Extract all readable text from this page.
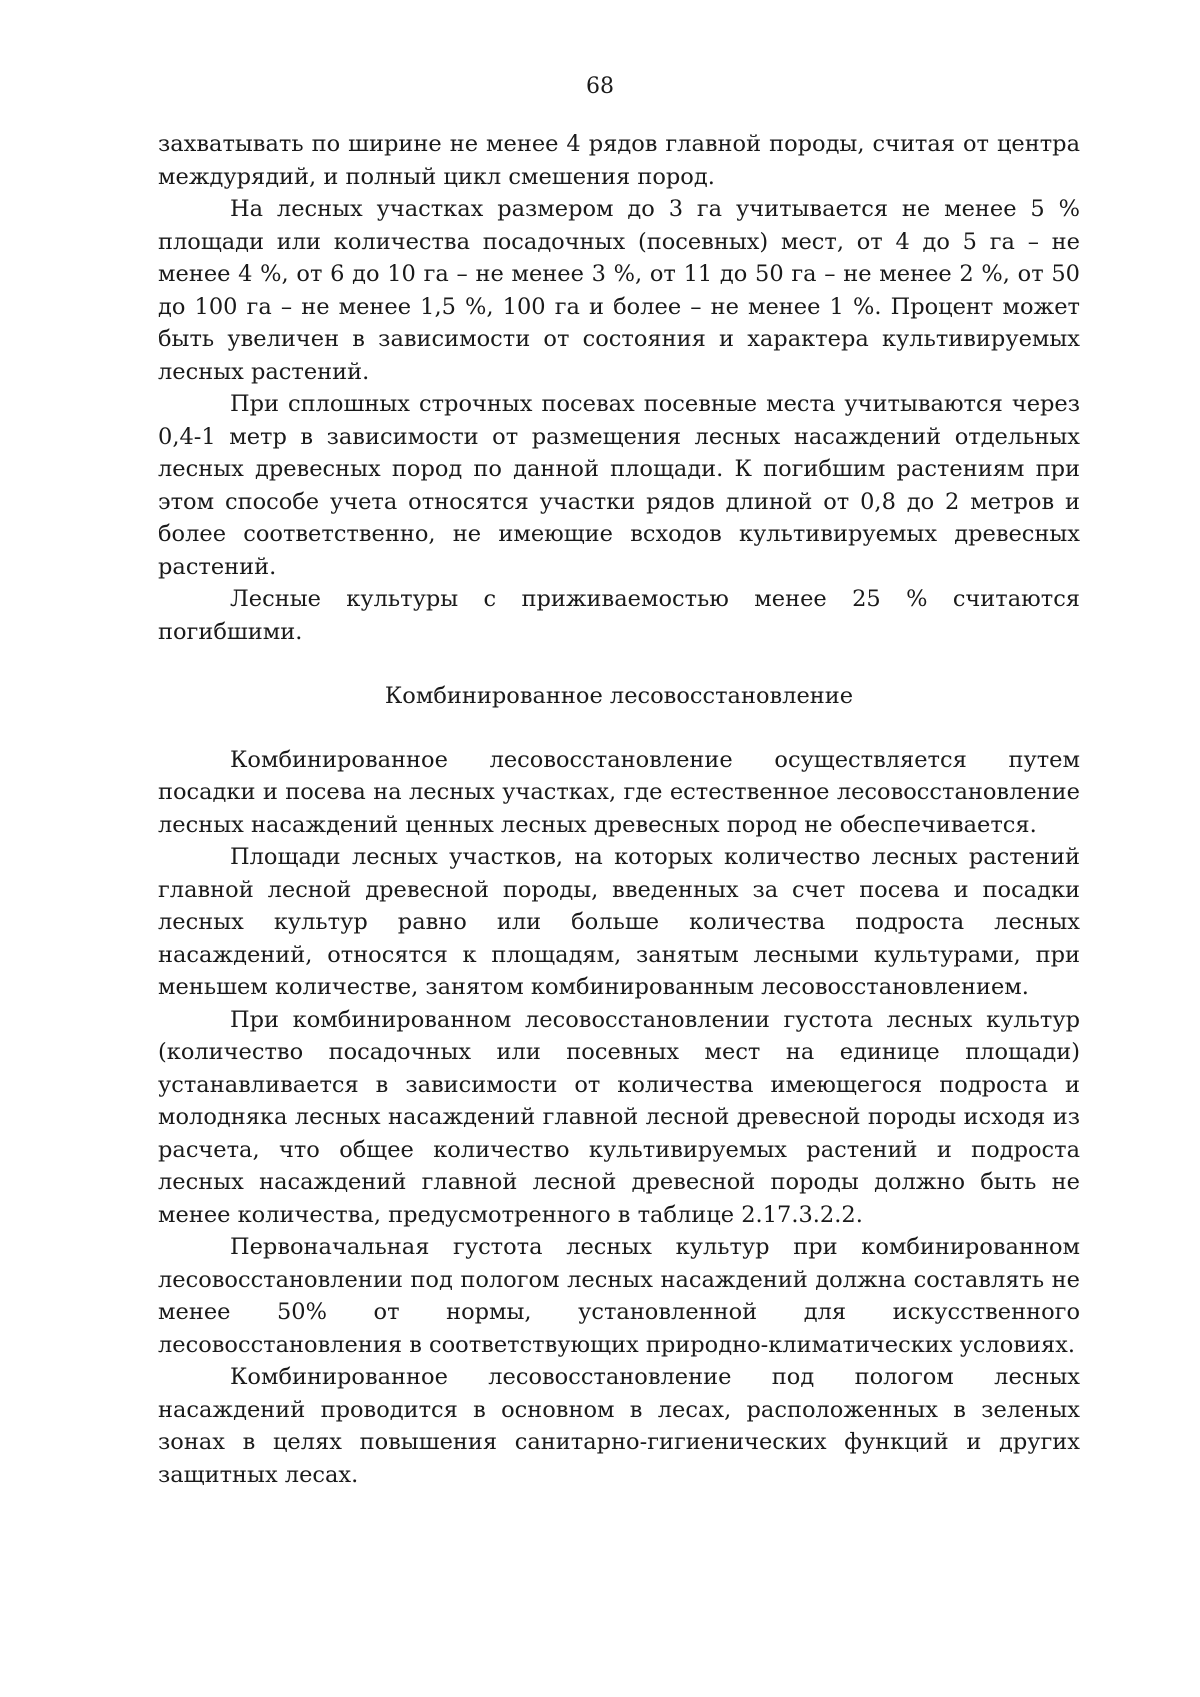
68

захватывать по ширине не менее 4 рядов главной породы, считая от центра междурядий, и полный цикл смешения пород.

На лесных участках размером до 3 га учитывается не менее 5 % площади или количества посадочных (посевных) мест, от 4 до 5 га – не менее 4 %, от 6 до 10 га – не менее 3 %, от 11 до 50 га – не менее 2 %, от 50 до 100 га – не менее 1,5 %, 100 га и более – не менее 1 %. Процент может быть увеличен в зависимости от состояния и характера культивируемых лесных растений.

При сплошных строчных посевах посевные места учитываются через 0,4-1 метр в зависимости от размещения лесных насаждений отдельных лесных древесных пород по данной площади. К погибшим растениям при этом способе учета относятся участки рядов длиной от 0,8 до 2 метров и более соответственно, не имеющие всходов культивируемых древесных растений.

Лесные культуры с приживаемостью менее 25 % считаются погибшими.

Комбинированное лесовосстановление

Комбинированное лесовосстановление осуществляется путем посадки и посева на лесных участках, где естественное лесовосстановление лесных насаждений ценных лесных древесных пород не обеспечивается.

Площади лесных участков, на которых количество лесных растений главной лесной древесной породы, введенных за счет посева и посадки лесных культур равно или больше количества подроста лесных насаждений, относятся к площадям, занятым лесными культурами, при меньшем количестве, занятом комбинированным лесовосстановлением.

При комбинированном лесовосстановлении густота лесных культур (количество посадочных или посевных мест на единице площади) устанавливается в зависимости от количества имеющегося подроста и молодняка лесных насаждений главной лесной древесной породы исходя из расчета, что общее количество культивируемых растений и подроста лесных насаждений главной лесной древесной породы должно быть не менее количества, предусмотренного в таблице 2.17.3.2.2.

Первоначальная густота лесных культур при комбинированном лесовосстановлении под пологом лесных насаждений должна составлять не менее 50% от нормы, установленной для искусственного лесовосстановления в соответствующих природно-климатических условиях.

Комбинированное лесовосстановление под пологом лесных насаждений проводится в основном в лесах, расположенных в зеленых зонах в целях повышения санитарно-гигиенических функций и других защитных лесах.
